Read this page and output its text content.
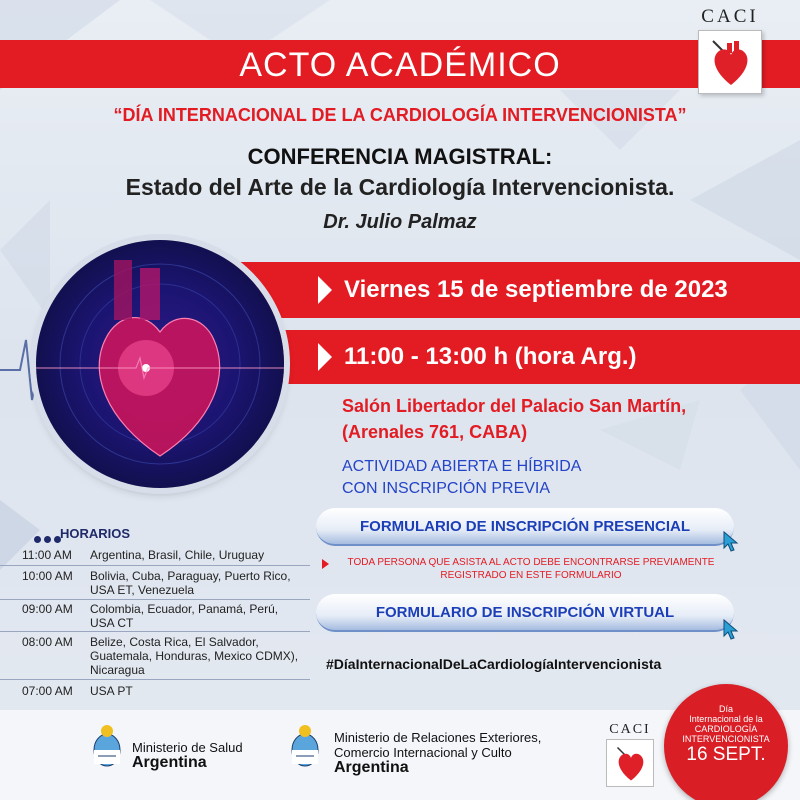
ACTO ACADÉMICO
CACI
“DÍA INTERNACIONAL DE LA CARDIOLOGÍA INTERVENCIONISTA”
CONFERENCIA MAGISTRAL:
Estado del Arte de la Cardiología Intervencionista.
Dr. Julio Palmaz
Viernes 15 de septiembre de 2023
11:00 - 13:00 h (hora Arg.)
Salón Libertador del Palacio San Martín,
(Arenales 761, CABA)
ACTIVIDAD ABIERTA E HÍBRIDA
CON INSCRIPCIÓN PREVIA
FORMULARIO DE INSCRIPCIÓN PRESENCIAL
TODA PERSONA QUE ASISTA AL ACTO DEBE ENCONTRARSE PREVIAMENTE
REGISTRADO EN ESTE FORMULARIO
FORMULARIO DE INSCRIPCIÓN VIRTUAL
#DíaInternacionalDeLaCardiologíaIntervencionista
HORARIOS
11:00 AM	Argentina, Brasil, Chile, Uruguay
10:00 AM	Bolivia, Cuba, Paraguay, Puerto Rico, USA ET, Venezuela
09:00 AM	Colombia, Ecuador, Panamá, Perú, USA CT
08:00 AM	Belize, Costa Rica, El Salvador, Guatemala, Honduras, Mexico CDMX), Nicaragua
07:00 AM	USA PT
Ministerio de Salud
Argentina
Ministerio de Relaciones Exteriores,
Comercio Internacional y Culto
Argentina
CACI
Día
Internacional de la
CARDIOLOGÍA
INTERVENCIONISTA
16 SEPT.
